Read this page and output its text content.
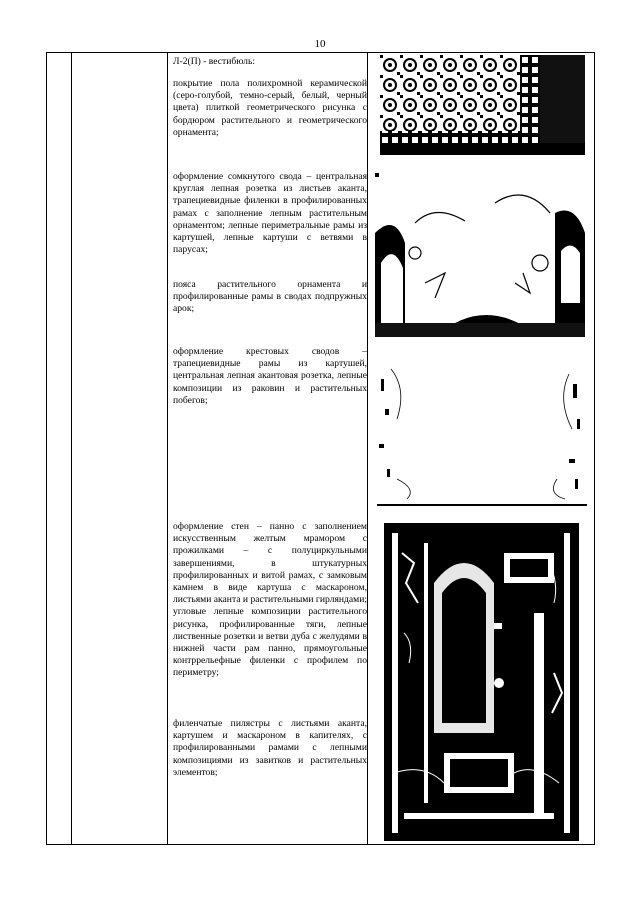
10
Л-2(П) - вестибюль:
покрытие пола полихромной керамической (серо-голубой, темно-серый, белый, черный цвета) плиткой геометрического рисунка с бордюром растительного и геометрического орнамента;
оформление сомкнутого свода – центральная круглая лепная розетка из листьев аканта, трапециевидные филенки в профилированных рамах с заполнение лепным растительным орнаментом; лепные периметральные рамы из картушей, лепные картуши с ветвями в парусах;
пояса растительного орнамента и профилированные рамы в сводах подпружных арок;
оформление крестовых сводов – трапециевидные рамы из картушей, центральная лепная акантовая розетка, лепные композиции из раковин и растительных побегов;
оформление стен – панно с заполнением искусственным желтым мрамором с прожилками – с полуциркульными завершениями, в штукатурных профилированных и витой рамах, с замковым камнем в виде картуша с маскароном, листьями аканта и растительными гирляндами; угловые лепные композиции растительного рисунка, профилированные тяги, лепные лиственные розетки и ветви дуба с желудями в нижней части рам панно, прямоугольные контррельефные филенки с профилем по периметру;
филенчатые пилястры с листьями аканта, картушем и маскароном в капителях, с профилированными рамами с лепными композициями из завитков и растительных элементов;
